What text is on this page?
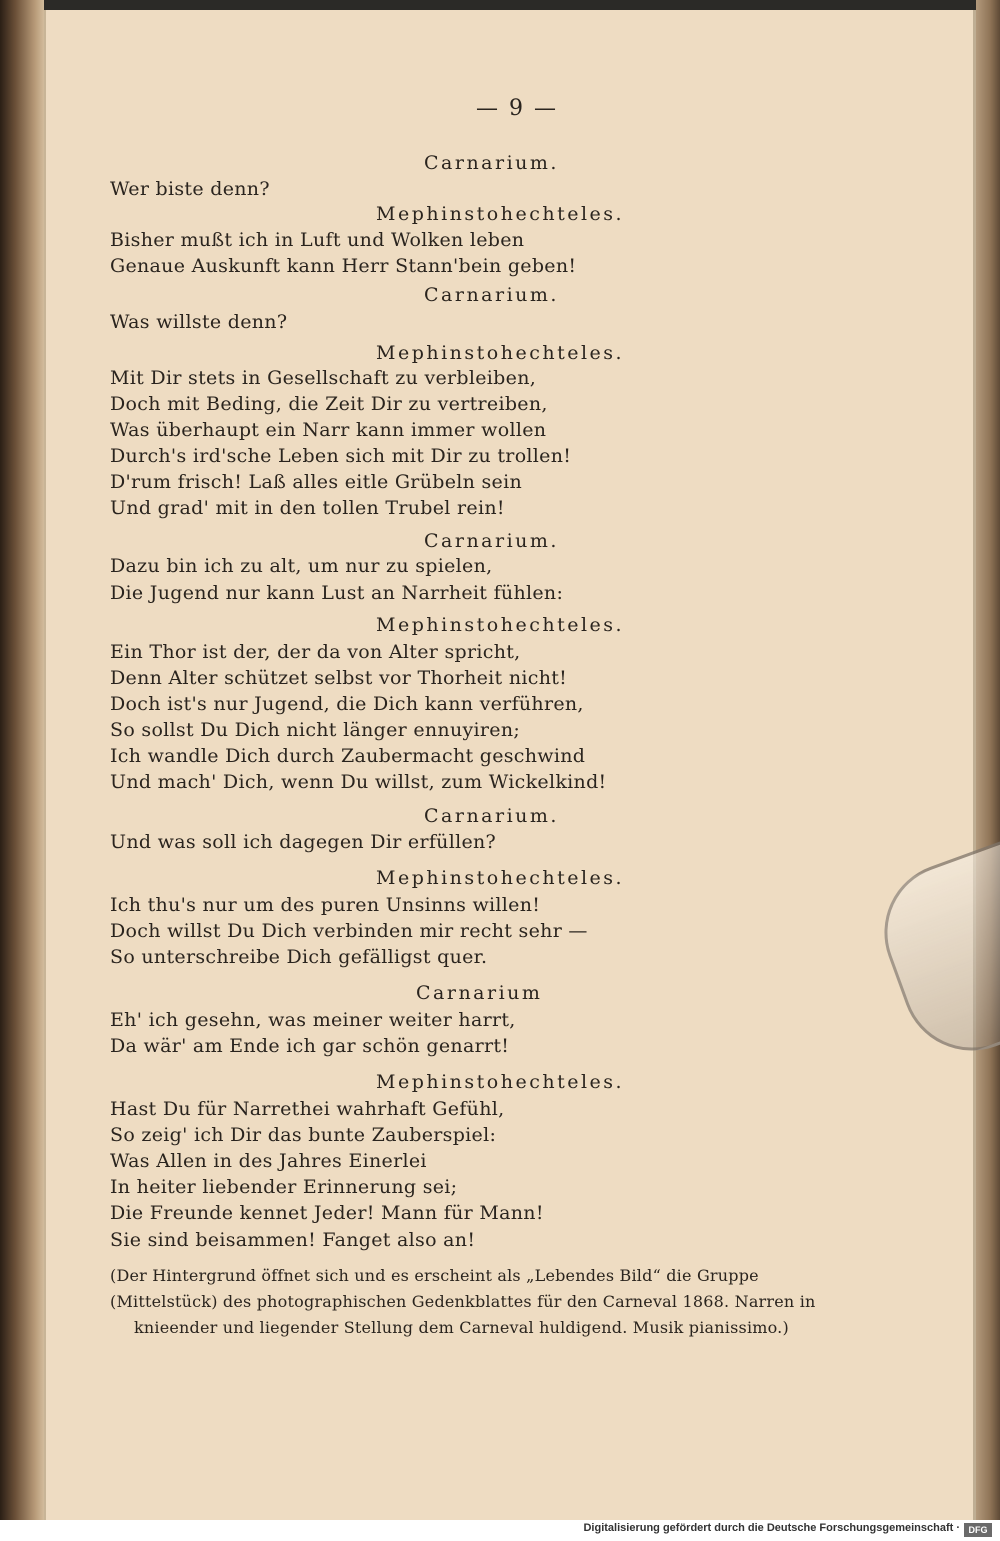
— 9 —
Carnarium.
Wer biste denn?
Mephinstohechteles.
Bisher mußt ich in Luft und Wolken leben
Genaue Auskunft kann Herr Stann'bein geben!
Carnarium.
Was willste denn?
Mephinstohechteles.
Mit Dir stets in Gesellschaft zu verbleiben,
Doch mit Beding, die Zeit Dir zu vertreiben,
Was überhaupt ein Narr kann immer wollen
Durch's ird'sche Leben sich mit Dir zu trollen!
D'rum frisch! Laß alles eitle Grübeln sein
Und grad' mit in den tollen Trubel rein!
Carnarium.
Dazu bin ich zu alt, um nur zu spielen,
Die Jugend nur kann Lust an Narrheit fühlen:
Mephinstohechteles.
Ein Thor ist der, der da von Alter spricht,
Denn Alter schützet selbst vor Thorheit nicht!
Doch ist's nur Jugend, die Dich kann verführen,
So sollst Du Dich nicht länger ennuyiren;
Ich wandle Dich durch Zaubermacht geschwind
Und mach' Dich, wenn Du willst, zum Wickelkind!
Carnarium.
Und was soll ich dagegen Dir erfüllen?
Mephinstohechteles.
Ich thu's nur um des puren Unsinns willen!
Doch willst Du Dich verbinden mir recht sehr —
So unterschreibe Dich gefälligst quer.
Carnarium
Eh' ich gesehn, was meiner weiter harrt,
Da wär' am Ende ich gar schön genarrt!
Mephinstohechteles.
Hast Du für Narrethei wahrhaft Gefühl,
So zeig' ich Dir das bunte Zauberspiel:
Was Allen in des Jahres Einerlei
In heiter liebender Erinnerung sei;
Die Freunde kennet Jeder! Mann für Mann!
Sie sind beisammen! Fanget also an!
(Der Hintergrund öffnet sich und es erscheint als „Lebendes Bild“ die Gruppe
(Mittelstück) des photographischen Gedenkblattes für den Carneval 1868. Narren in
knieender und liegender Stellung dem Carneval huldigend. Musik pianissimo.)
Digitalisierung gefördert durch die Deutsche Forschungsgemeinschaft · DFG
